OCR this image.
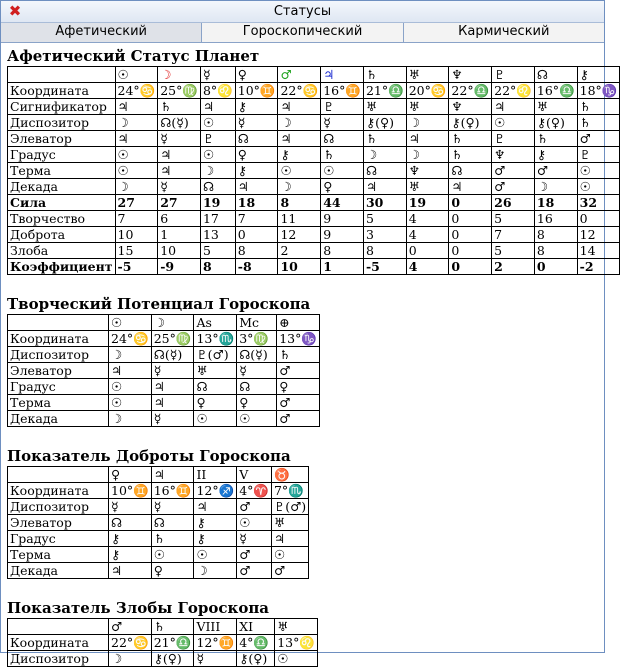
✖	Статусы
Афетический	Гороскопический	Кармический
Афетический Статус Планет
	☉	☽	☿	♀	♂	♃	♄	♅	♆	♇	☊	⚷
Координата	24°♋	25°♍	8°♌	10°♊	22°♋	16°♊	21°♎	20°♋	22°♎	22°♌	16°♎	18°♑
Сигнификатор	♃	♄	♃	⚷	♃	♇	♅	♅	♆	♃	♅	♄
Диспозитор	☽	☊(☿)	☉	☿	☽	☿	⚷(♀)	☽	⚷(♀)	☉	⚷(♀)	♄
Элеватор	♃	☿	♇	☊	♃	☊	♄	♃	♄	♇	♄	♂
Градус	☉	♃	☉	♀	⚷	♄	☽	☽	♄	♆	⚷	♇
Терма	☉	♃	☽	⚷	☉	☉	☊	♆	☊	♂	♂	☉
Декада	☽	☿	☊	♃	☽	♀	♃	♅	♃	♂	☽	☉
Сила	27	27	19	18	8	44	30	19	0	26	18	32
Творчество	7	6	17	7	11	9	5	4	0	5	16	0
Доброта	10	1	13	0	12	9	3	4	0	7	8	12
Злоба	15	10	5	8	2	8	8	0	0	5	8	14
Коэффициент	-5	-9	8	-8	10	1	-5	4	0	2	0	-2
Творческий Потенциал Гороскопа
	☉	☽	As	Mc	⊕
Координата	24°♋	25°♍	13°♏	3°♍	13°♑
Диспозитор	☽	☊(☿)	♇(♂)	☊(☿)	♄
Элеватор	♃	☿	♅	☿	♂
Градус	☉	♃	☊	☊	♀
Терма	☉	♃	♀	♀	♂
Декада	☽	☿	☉	☉	♂
Показатель Доброты Гороскопа
	♀	♃	II	V	♉
Координата	10°♊	16°♊	12°♐	4°♈	7°♏
Диспозитор	☿	☿	♃	♂	♇(♂)
Элеватор	☊	☊	⚷	☉	♅
Градус	⚷	♄	⚷	☿	♃
Терма	⚷	☉	☉	♂	☉
Декада	♃	♀	☽	♂	♂
Показатель Злобы Гороскопа
	♂	♄	VIII	XI	♅
Координата	22°♋	21°♎	12°♊	4°♎	13°♌
Диспозитор	☽	⚷(♀)	☿	⚷(♀)	☉
